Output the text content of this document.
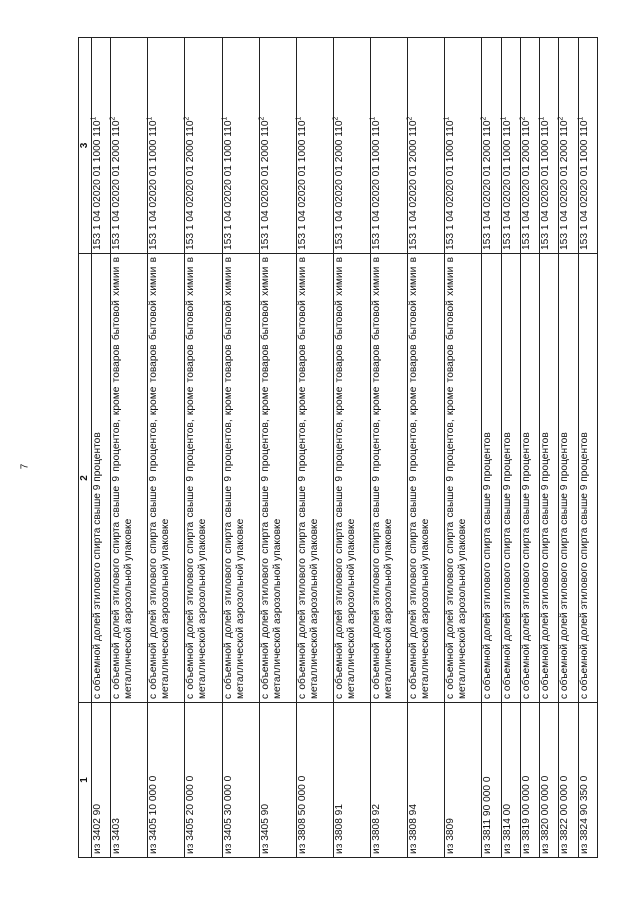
7
1	2	3
из 3402 90	с объемной долей этилового спирта свыше 9 процентов	153 1 04 02020 01 1000 $110^1$
из 3403	с объемной долей этилового спирта свыше 9 процентов, кроме товаров бытовой химии в металлической аэрозольной упаковке	153 1 04 02020 01 2000 $110^2$
из 3405 10 000 0	с объемной долей этилового спирта свыше 9 процентов, кроме товаров бытовой химии в металлической аэрозольной упаковке	153 1 04 02020 01 1000 $110^1$
из 3405 20 000 0	с объемной долей этилового спирта свыше 9 процентов, кроме товаров бытовой химии в металлической аэрозольной упаковке	153 1 04 02020 01 2000 $110^2$
из 3405 30 000 0	с объемной долей этилового спирта свыше 9 процентов, кроме товаров бытовой химии в металлической аэрозольной упаковке	153 1 04 02020 01 1000 $110^1$
из 3405 90	с объемной долей этилового спирта свыше 9 процентов, кроме товаров бытовой химии в металлической аэрозольной упаковке	153 1 04 02020 01 2000 $110^2$
из 3808 50 000 0	с объемной долей этилового спирта свыше 9 процентов, кроме товаров бытовой химии в металлической аэрозольной упаковке	153 1 04 02020 01 1000 $110^1$
из 3808 91	с объемной долей этилового спирта свыше 9 процентов, кроме товаров бытовой химии в металлической аэрозольной упаковке	153 1 04 02020 01 2000 $110^2$
из 3808 92	с объемной долей этилового спирта свыше 9 процентов, кроме товаров бытовой химии в металлической аэрозольной упаковке	153 1 04 02020 01 1000 $110^1$
из 3808 94	с объемной долей этилового спирта свыше 9 процентов, кроме товаров бытовой химии в металлической аэрозольной упаковке	153 1 04 02020 01 2000 $110^2$
из 3809	с объемной долей этилового спирта свыше 9 процентов, кроме товаров бытовой химии в металлической аэрозольной упаковке	153 1 04 02020 01 1000 $110^1$
из 3811 90 000 0	с объемной долей этилового спирта свыше 9 процентов	153 1 04 02020 01 2000 $110^2$
из 3814 00	с объемной долей этилового спирта свыше 9 процентов	153 1 04 02020 01 1000 $110^1$
из 3819 00 000 0	с объемной долей этилового спирта свыше 9 процентов	153 1 04 02020 01 2000 $110^2$
из 3820 00 000 0	с объемной долей этилового спирта свыше 9 процентов	153 1 04 02020 01 1000 $110^1$
из 3822 00 000 0	с объемной долей этилового спирта свыше 9 процентов	153 1 04 02020 01 2000 $110^2$
из 3824 90 350 0	с объемной долей этилового спирта свыше 9 процентов	153 1 04 02020 01 1000 $110^1$
